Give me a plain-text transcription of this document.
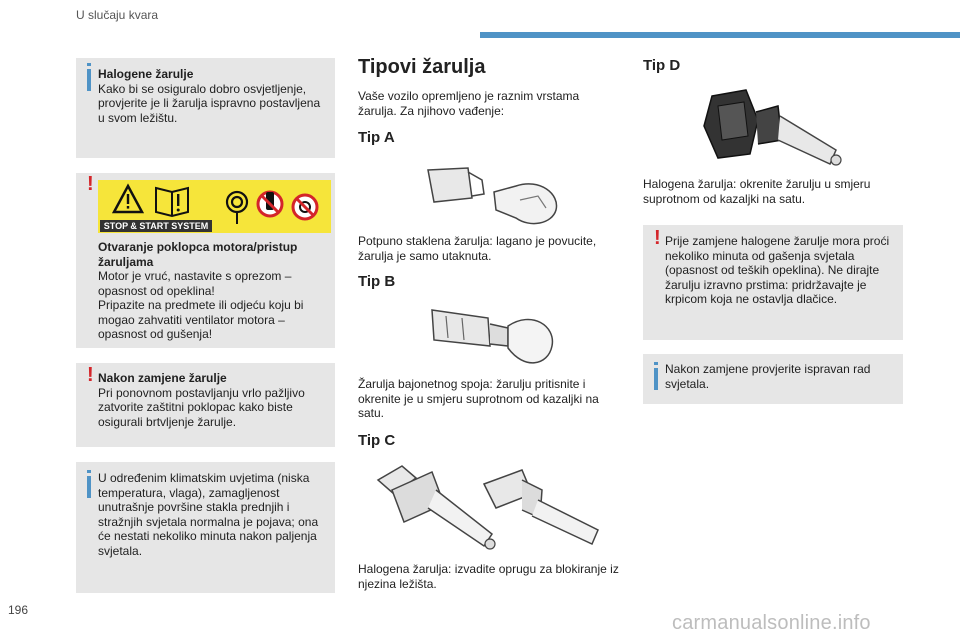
U slučaju kvara
Halogene žarulje
Kako bi se osiguralo dobro osvjetljenje, provjerite je li žarulja ispravno postavljena u svom ležištu.
!
STOP & START SYSTEM
Otvaranje poklopca motora/pristup žaruljama
Motor je vruć, nastavite s oprezom – opasnost od opeklina!
Pripazite na predmete ili odjeću koju bi mogao zahvatiti ventilator motora – opasnost od gušenja!
! Nakon zamjene žarulje
Pri ponovnom postavljanju vrlo pažljivo zatvorite zaštitni poklopac kako biste osigurali brtvljenje žarulje.
U određenim klimatskim uvjetima (niska temperatura, vlaga), zamagljenost unutrašnje površine stakla prednjih i stražnjih svjetala normalna je pojava; ona će nestati nekoliko minuta nakon paljenja svjetala.
Tipovi žarulja
Vaše vozilo opremljeno je raznim vrstama žarulja. Za njihovo vađenje:
Tip A
Potpuno staklena žarulja: lagano je povucite, žarulja je samo utaknuta.
Tip B
Žarulja bajonetnog spoja: žarulju pritisnite i okrenite je u smjeru suprotnom od kazaljki na satu.
Tip C
Halogena žarulja: izvadite oprugu za blokiranje iz njezina ležišta.
Tip D
Halogena žarulja: okrenite žarulju u smjeru suprotnom od kazaljki na satu.
! Prije zamjene halogene žarulje mora proći nekoliko minuta od gašenja svjetala (opasnost od teških opeklina). Ne dirajte žarulju izravno prstima: pridržavajte je krpicom koja ne ostavlja dlačice.
Nakon zamjene provjerite ispravan rad svjetala.
196
carmanualsonline.info
